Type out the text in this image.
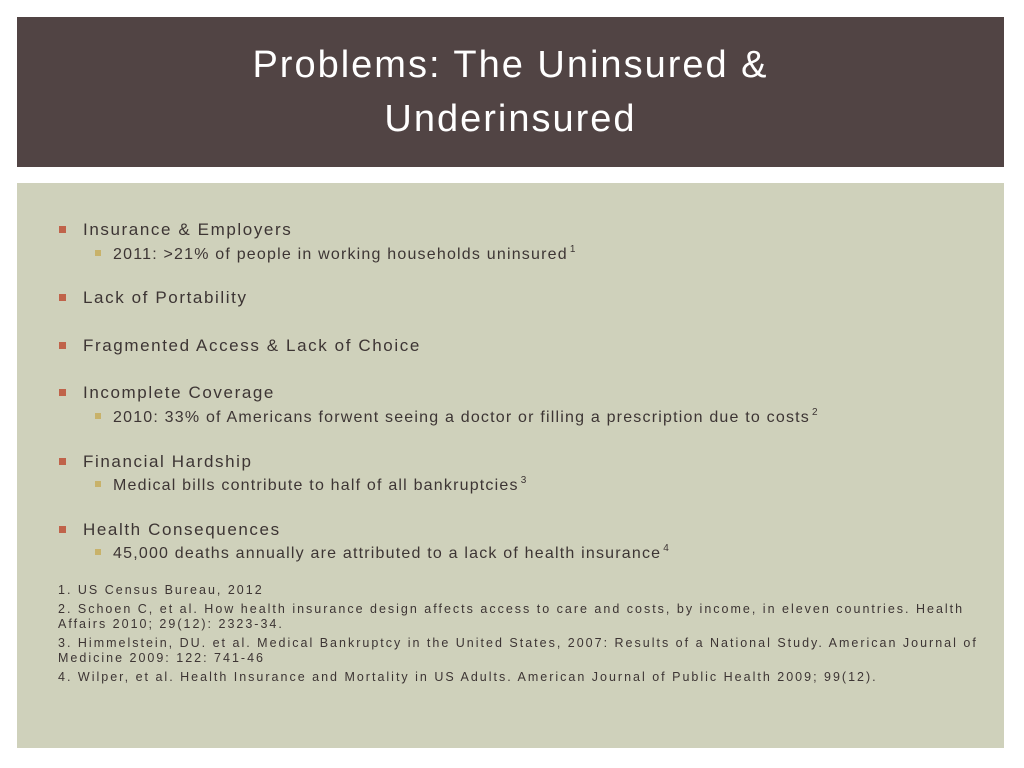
Problems: The Uninsured &
Underinsured
Insurance & Employers
2011: >21% of people in working households uninsured $^1$
Lack of Portability
Fragmented Access & Lack of Choice
Incomplete Coverage
2010: 33% of Americans forwent seeing a doctor or filling a prescription due to costs $^2$
Financial Hardship
Medical bills contribute to half of all bankruptcies $^3$
Health Consequences
45,000 deaths annually are attributed to a lack of health insurance $^4$

1. US Census Bureau, 2012

2. Schoen C, et al. How health insurance design affects access to care and costs, by income, in eleven countries. Health Affairs 2010; 29(12): 2323-34.

3. Himmelstein, DU. et al. Medical Bankruptcy in the United States, 2007: Results of a National Study. American Journal of Medicine 2009: 122: 741-46

4. Wilper, et al. Health Insurance and Mortality in US Adults. American Journal of Public Health 2009; 99(12).
